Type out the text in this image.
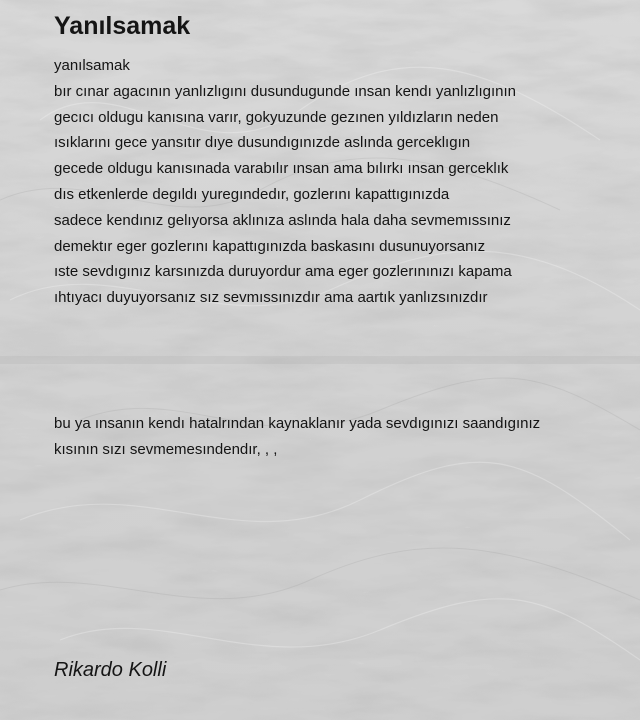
Yanılsamak
yanılsamak
bır cınar agacının yanlızlıgını dusundugunde ınsan kendı yanlızlıgının
gecıcı oldugu kanısına varır, gokyuzunde gezınen yıldızların neden
ısıklarını gece yansıtır dıye dusundıgınızde aslında gerceklıgın
gecede oldugu kanısınada varabılır ınsan ama bılırkı ınsan gerceklık
dıs etkenlerde degıldı yuregındedır, gozlerını kapattıgınızda
sadece kendınız gelıyorsa aklınıza aslında hala daha sevmemıssınız
demektır eger gozlerını kapattıgınızda baskasını dusunuyorsanız
ıste sevdıgınız karsınızda duruyordur ama eger gozlerınınızı kapama
ıhtıyacı duyuyorsanız sız sevmıssınızdır ama aartık yanlızsınızdır
bu ya ınsanın kendı hatalrından kaynaklanır yada sevdıgınızı saandıgınız
kısının sızı sevmemesındendır, , ,
Rikardo Kolli
